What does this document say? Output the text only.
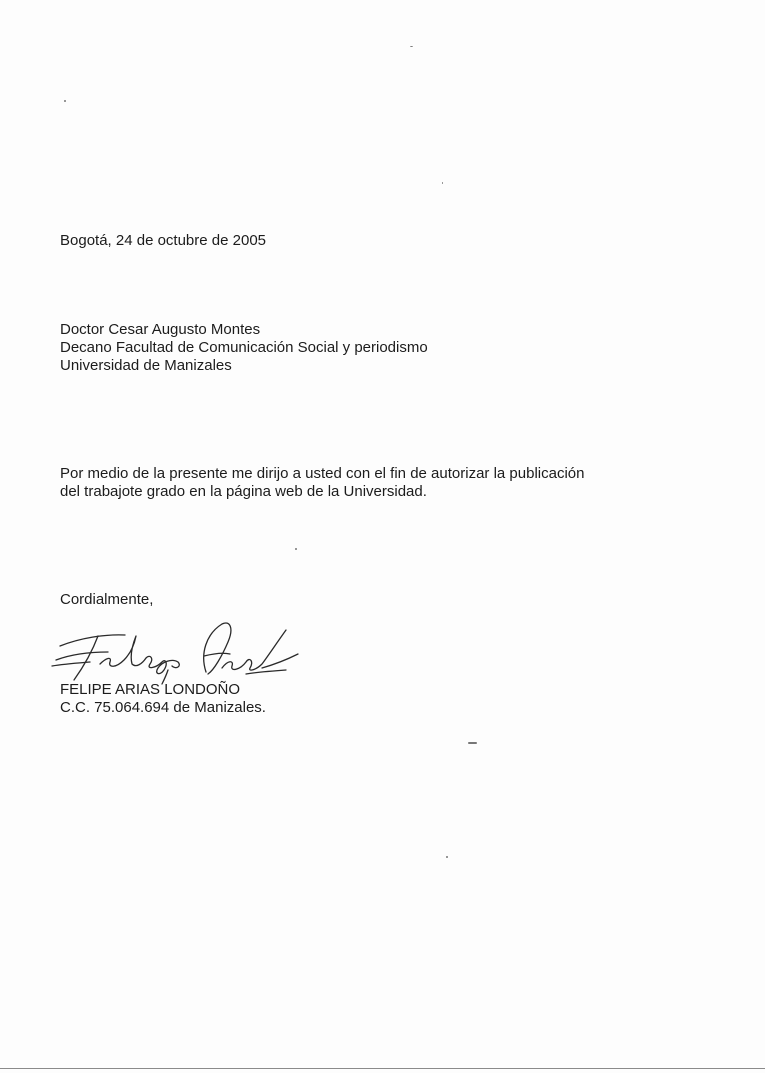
Bogotá, 24 de octubre de 2005
Doctor Cesar Augusto Montes
Decano Facultad de Comunicación Social y periodismo
Universidad de Manizales

Por medio de la presente me dirijo a usted con el fin de autorizar la publicación

del trabajote grado en la página web de la Universidad.

Cordialmente,
FELIPE ARIAS LONDOÑO
C.C. 75.064.694 de Manizales.
